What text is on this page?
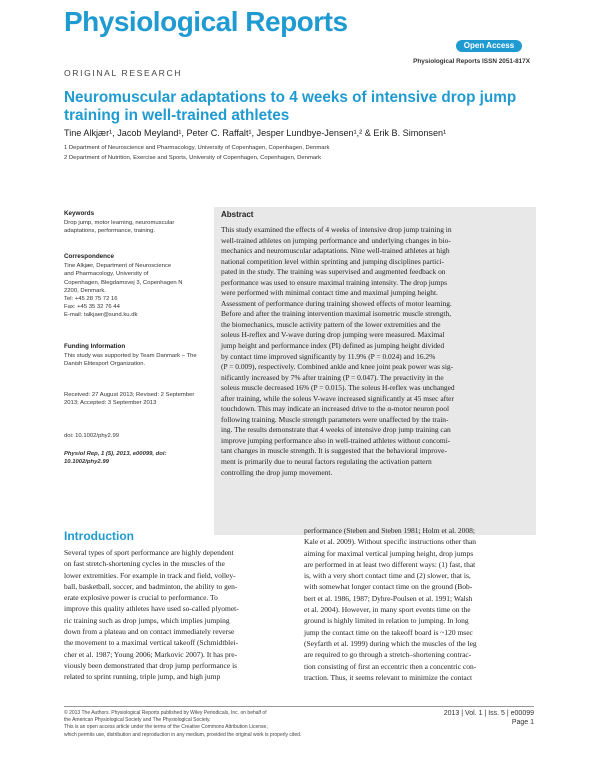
Physiological Reports
Open Access
Physiological Reports ISSN 2051-817X
ORIGINAL RESEARCH
Neuromuscular adaptations to 4 weeks of intensive drop jump training in well-trained athletes
Tine Alkjær¹, Jacob Meyland¹, Peter C. Raffalt¹, Jesper Lundbye-Jensen¹,² & Erik B. Simonsen¹
1 Department of Neuroscience and Pharmacology, University of Copenhagen, Copenhagen, Denmark
2 Department of Nutrition, Exercise and Sports, University of Copenhagen, Copenhagen, Denmark
Keywords
Drop jump, motor learning, neuromuscular adaptations, performance, training.
Correspondence
Tine Alkjær, Department of Neuroscience
and Pharmacology, University of
Copenhagen, Blegdamsvej 3, Copenhagen N
2200, Denmark.
Tel: +45 28 75 72 16
Fax: +45 35 32 76 44
E-mail: talkjaer@sund.ku.dk
Funding Information
This study was supported by Team Danmark – The Danish Elitesport Organization.
Received: 27 August 2013; Revised: 2 September 2013; Accepted: 3 September 2013
doi: 10.1002/phy2.99
Physiol Rep, 1 (5), 2013, e00099, doi: 10.1002/phy2.99
Abstract
This study examined the effects of 4 weeks of intensive drop jump training in
well-trained athletes on jumping performance and underlying changes in bio-
mechanics and neuromuscular adaptations. Nine well-trained athletes at high
national competition level within sprinting and jumping disciplines partici-
pated in the study. The training was supervised and augmented feedback on
performance was used to ensure maximal training intensity. The drop jumps
were performed with minimal contact time and maximal jumping height.
Assessment of performance during training showed effects of motor learning.
Before and after the training intervention maximal isometric muscle strength,
the biomechanics, muscle activity pattern of the lower extremities and the
soleus H-reflex and V-wave during drop jumping were measured. Maximal
jump height and performance index (PI) defined as jumping height divided
by contact time improved significantly by 11.9% (P = 0.024) and 16.2%
(P = 0.009), respectively. Combined ankle and knee joint peak power was sig-
nificantly increased by 7% after training (P = 0.047). The preactivity in the
soleus muscle decreased 16% (P = 0.015). The soleus H-reflex was unchanged
after training, while the soleus V-wave increased significantly at 45 msec after
touchdown. This may indicate an increased drive to the α-motor neuron pool
following training. Muscle strength parameters were unaffected by the train-
ing. The results demonstrate that 4 weeks of intensive drop jump training can
improve jumping performance also in well-trained athletes without concomi-
tant changes in muscle strength. It is suggested that the behavioral improve-
ment is primarily due to neural factors regulating the activation pattern
controlling the drop jump movement.
Introduction
Several types of sport performance are highly dependent
on fast stretch-shortening cycles in the muscles of the
lower extremities. For example in track and field, volley-
ball, basketball, soccer, and badminton, the ability to gen-
erate explosive power is crucial to performance. To
improve this quality athletes have used so-called plyomet-
ric training such as drop jumps, which implies jumping
down from a plateau and on contact immediately reverse
the movement to a maximal vertical takeoff (Schmidtblei-
cher et al. 1987; Young 2006; Markovic 2007). It has pre-
viously been demonstrated that drop jump performance is
related to sprint running, triple jump, and high jump
performance (Steben and Steben 1981; Holm et al. 2008;
Kale et al. 2009). Without specific instructions other than
aiming for maximal vertical jumping height, drop jumps
are performed in at least two different ways: (1) fast, that
is, with a very short contact time and (2) slower, that is,
with somewhat longer contact time on the ground (Bob-
bert et al. 1986, 1987; Dyhre-Poulsen et al. 1991; Walsh
et al. 2004). However, in many sport events time on the
ground is highly limited in relation to jumping. In long
jump the contact time on the takeoff board is ~120 msec
(Seyfarth et al. 1999) during which the muscles of the leg
are required to go through a stretch–shortening contrac-
tion consisting of first an eccentric then a concentric con-
traction. Thus, it seems relevant to minimize the contact
© 2013 The Authors. Physiological Reports published by Wiley Periodicals, Inc. on behalf of
the American Physiological Society and The Physiological Society.
This is an open access article under the terms of the Creative Commons Attribution License,
which permits use, distribution and reproduction in any medium, provided the original work is properly cited.
2013 | Vol. 1 | Iss. 5 | e00099
Page 1
